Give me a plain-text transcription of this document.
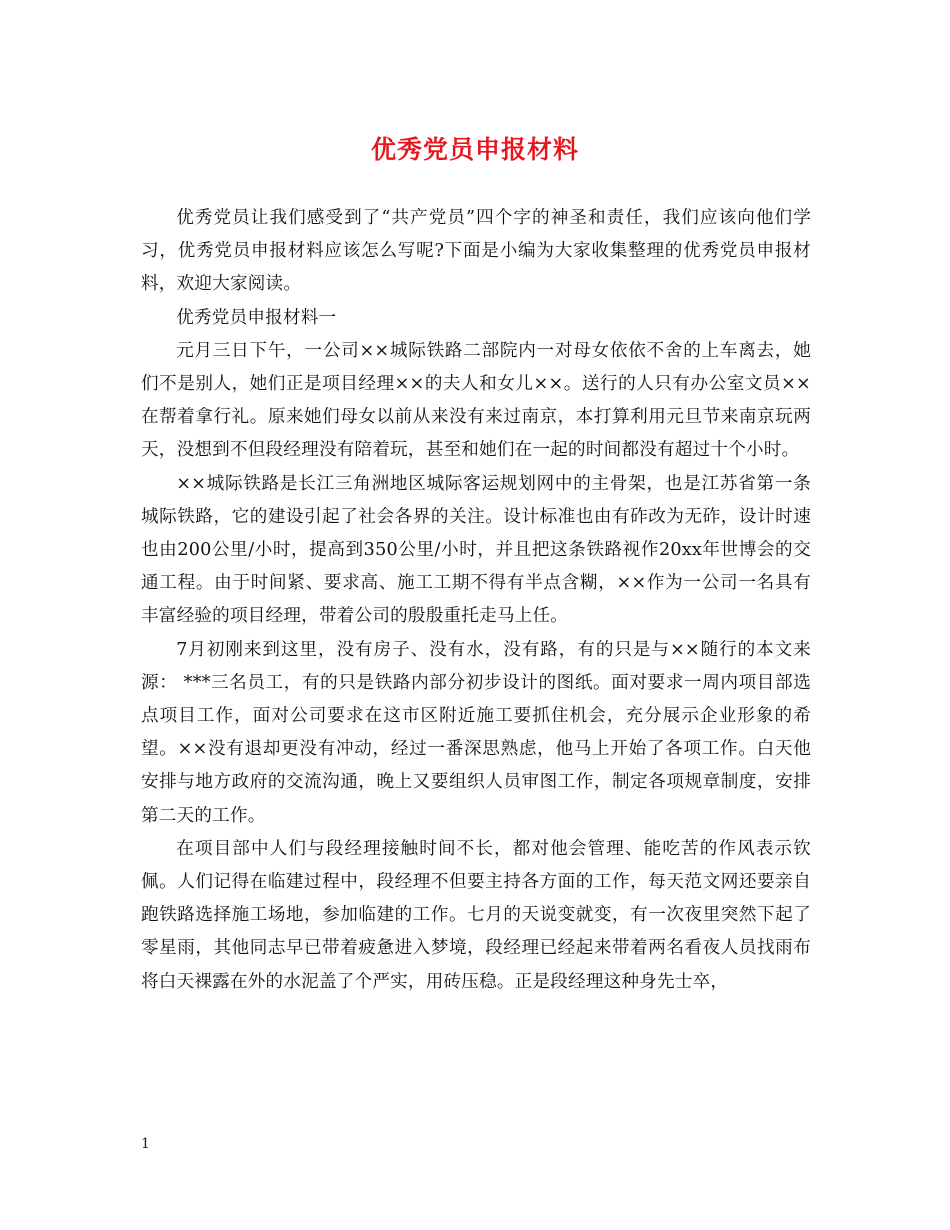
优秀党员申报材料

优秀党员让我们感受到了“共产党员”四个字的神圣和责任，我们应该向他们学习，优秀党员申报材料应该怎么写呢?下面是小编为大家收集整理的优秀党员申报材料，欢迎大家阅读。

优秀党员申报材料一

元月三日下午，一公司××城际铁路二部院内一对母女依依不舍的上车离去，她们不是别人，她们正是项目经理××的夫人和女儿××。送行的人只有办公室文员××在帮着拿行礼。原来她们母女以前从来没有来过南京，本打算利用元旦节来南京玩两天，没想到不但段经理没有陪着玩，甚至和她们在一起的时间都没有超过十个小时。

××城际铁路是长江三角洲地区城际客运规划网中的主骨架，也是江苏省第一条城际铁路，它的建设引起了社会各界的关注。设计标准也由有砟改为无砟，设计时速也由200公里/小时，提高到350公里/小时，并且把这条铁路视作20xx年世博会的交通工程。由于时间紧、要求高、施工工期不得有半点含糊，××作为一公司一名具有丰富经验的项目经理，带着公司的殷殷重托走马上任。

7月初刚来到这里，没有房子、没有水，没有路，有的只是与××随行的本文来源： ***三名员工，有的只是铁路内部分初步设计的图纸。面对要求一周内项目部选点项目工作，面对公司要求在这市区附近施工要抓住机会，充分展示企业形象的希望。××没有退却更没有冲动，经过一番深思熟虑，他马上开始了各项工作。白天他安排与地方政府的交流沟通，晚上又要组织人员审图工作，制定各项规章制度，安排第二天的工作。

在项目部中人们与段经理接触时间不长，都对他会管理、能吃苦的作风表示钦佩。人们记得在临建过程中，段经理不但要主持各方面的工作，每天范文网还要亲自跑铁路选择施工场地，参加临建的工作。七月的天说变就变，有一次夜里突然下起了零星雨，其他同志早已带着疲惫进入梦境，段经理已经起来带着两名看夜人员找雨布将白天裸露在外的水泥盖了个严实，用砖压稳。正是段经理这种身先士卒，

1
